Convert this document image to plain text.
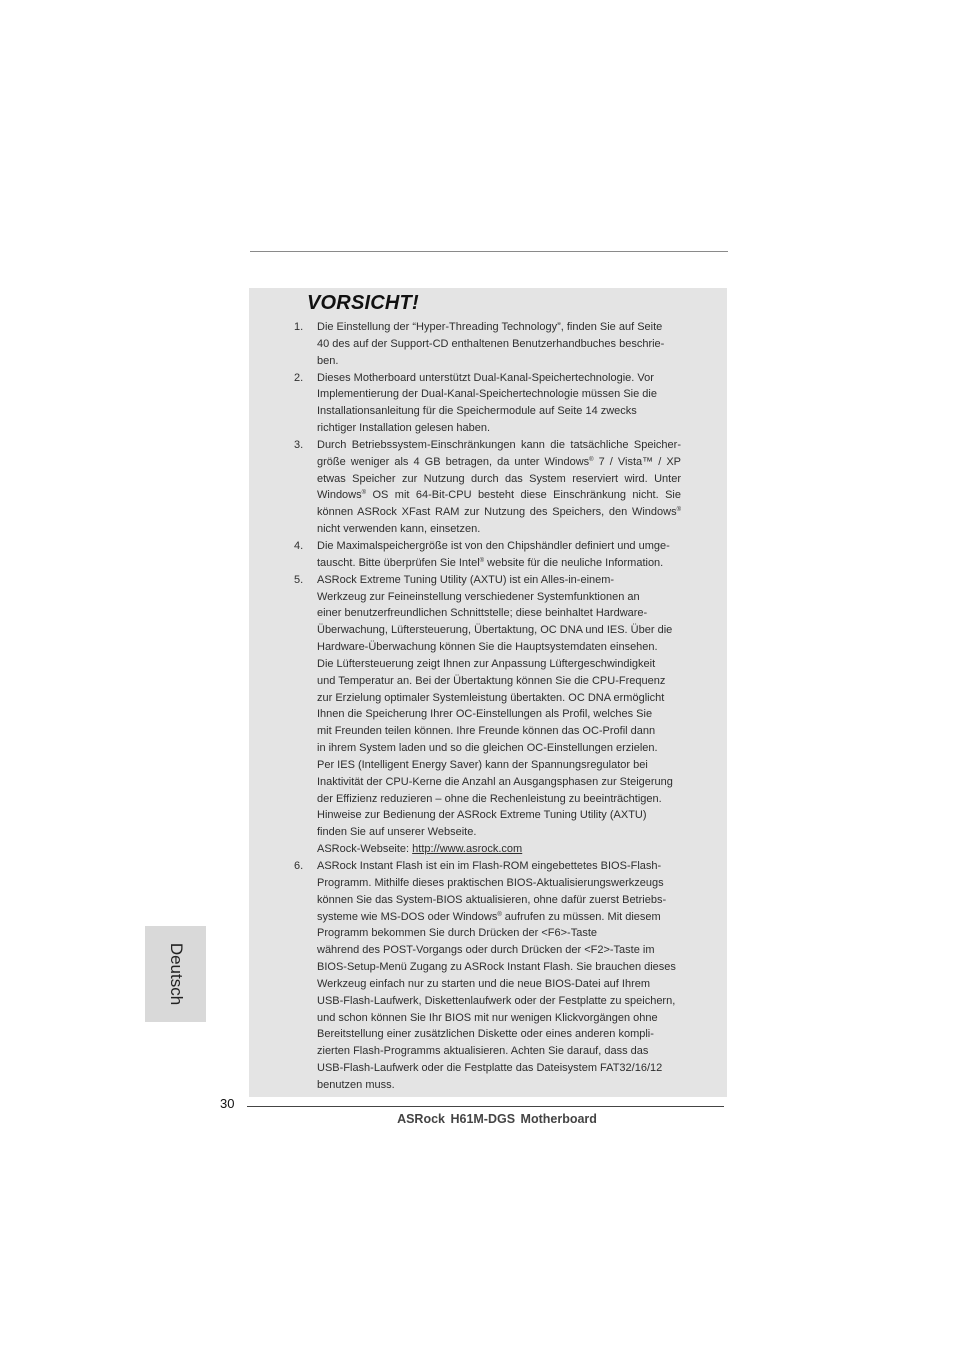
VORSICHT!
1. Die Einstellung der “Hyper-Threading Technology”, finden Sie auf Seite
40 des auf der Support-CD enthaltenen Benutzerhandbuches beschrie-
ben.
2. Dieses Motherboard unterstützt Dual-Kanal-Speichertechnologie. Vor
Implementierung der Dual-Kanal-Speichertechnologie müssen Sie die
Installationsanleitung für die Speichermodule auf Seite 14 zwecks
richtiger Installation gelesen haben.
3. Durch Betriebssystem-Einschränkungen kann die tatsächliche Speicher-
größe weniger als 4 GB betragen, da unter Windows® 7 / Vista™ / XP
etwas Speicher zur Nutzung durch das System reserviert wird. Unter
Windows® OS mit 64-Bit-CPU besteht diese Einschränkung nicht. Sie
können ASRock XFast RAM zur Nutzung des Speichers, den Windows®
nicht verwenden kann, einsetzen.
4. Die Maximalspeichergröße ist von den Chipshändler definiert und umge-
tauscht. Bitte überprüfen Sie Intel® website für die neuliche Information.
5. ASRock Extreme Tuning Utility (AXTU) ist ein Alles-in-einem-
Werkzeug zur Feineinstellung verschiedener Systemfunktionen an
einer benutzerfreundlichen Schnittstelle; diese beinhaltet Hardware-
Überwachung, Lüftersteuerung, Übertaktung, OC DNA und IES. Über die
Hardware-Überwachung können Sie die Hauptsystemdaten einsehen.
Die Lüftersteuerung zeigt Ihnen zur Anpassung Lüftergeschwindigkeit
und Temperatur an. Bei der Übertaktung können Sie die CPU-Frequenz
zur Erzielung optimaler Systemleistung übertakten. OC DNA ermöglicht
Ihnen die Speicherung Ihrer OC-Einstellungen als Profil, welches Sie
mit Freunden teilen können. Ihre Freunde können das OC-Profil dann
in ihrem System laden und so die gleichen OC-Einstellungen erzielen.
Per IES (Intelligent Energy Saver) kann der Spannungsregulator bei
Inaktivität der CPU-Kerne die Anzahl an Ausgangsphasen zur Steigerung
der Effizienz reduzieren – ohne die Rechenleistung zu beeinträchtigen.
Hinweise zur Bedienung der ASRock Extreme Tuning Utility (AXTU)
finden Sie auf unserer Webseite.
ASRock-Webseite: http://www.asrock.com
6. ASRock Instant Flash ist ein im Flash-ROM eingebettetes BIOS-Flash-
Programm. Mithilfe dieses praktischen BIOS-Aktualisierungswerkzeugs
können Sie das System-BIOS aktualisieren, ohne dafür zuerst Betriebs-
systeme wie MS-DOS oder Windows® aufrufen zu müssen. Mit diesem
Programm bekommen Sie durch Drücken der <F6>-Taste
während des POST-Vorgangs oder durch Drücken der <F2>-Taste im
BIOS-Setup-Menü Zugang zu ASRock Instant Flash. Sie brauchen dieses
Werkzeug einfach nur zu starten und die neue BIOS-Datei auf Ihrem
USB-Flash-Laufwerk, Diskettenlaufwerk oder der Festplatte zu speichern,
und schon können Sie Ihr BIOS mit nur wenigen Klickvorgängen ohne
Bereitstellung einer zusätzlichen Diskette oder eines anderen kompli-
zierten Flash-Programms aktualisieren. Achten Sie darauf, dass das
USB-Flash-Laufwerk oder die Festplatte das Dateisystem FAT32/16/12
benutzen muss.
Deutsch
30
ASRock H61M-DGS Motherboard
